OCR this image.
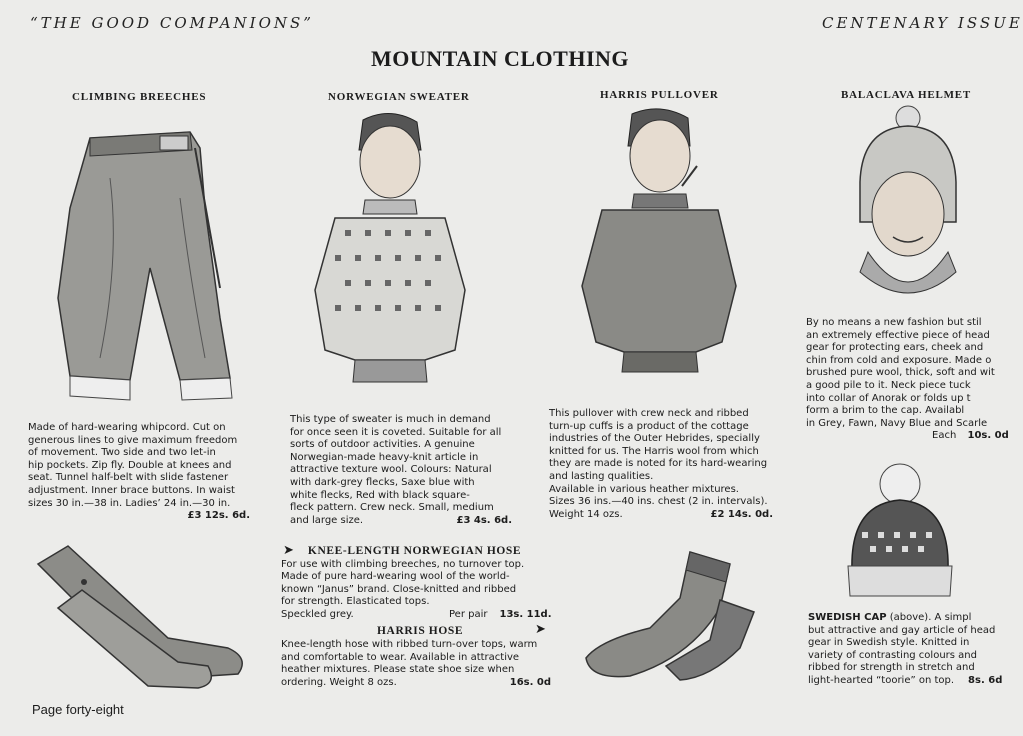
“THE GOOD COMPANIONS”	CENTENARY ISSUE
MOUNTAIN CLOTHING
CLIMBING BREECHES	NORWEGIAN SWEATER	HARRIS PULLOVER	BALACLAVA HELMET
Made of hard-wearing whipcord. Cut on
generous lines to give maximum freedom
of movement. Two side and two let-in
hip pockets. Zip fly. Double at knees and
seat. Tunnel half-belt with slide fastener
adjustment. Inner brace buttons. In waist
sizes 30 in.—38 in. Ladies’ 24 in.—30 in.
£3 12s. 6d.
This type of sweater is much in demand
for once seen it is coveted. Suitable for all
sorts of outdoor activities. A genuine
Norwegian-made heavy-knit article in
attractive texture wool. Colours: Natural
with dark-grey flecks, Saxe blue with
white flecks, Red with black square-
fleck pattern. Crew neck. Small, medium
and large size.	£3 4s. 6d.
This pullover with crew neck and ribbed
turn-up cuffs is a product of the cottage
industries of the Outer Hebrides, specially
knitted for us. The Harris wool from which
they are made is noted for its hard-wearing
and lasting qualities.
Available in various heather mixtures.
Sizes 36 ins.—40 ins. chest (2 in. intervals).
Weight 14 ozs.	£2 14s. 0d.
By no means a new fashion but stil
an extremely effective piece of head
gear for protecting ears, cheek and
chin from cold and exposure. Made o
brushed pure wool, thick, soft and wit
a good pile to it. Neck piece tuck
into collar of Anorak or folds up t
form a brim to the cap. Availabl
in Grey, Fawn, Navy Blue and Scarle
Each 10s. 0d
➤ KNEE-LENGTH NORWEGIAN HOSE
For use with climbing breeches, no turnover top.
Made of pure hard-wearing wool of the world-
known “Janus” brand. Close-knitted and ribbed
for strength. Elasticated tops.
Speckled grey.	Per pair 13s. 11d.
HARRIS HOSE	➤
Knee-length hose with ribbed turn-over tops, warm
and comfortable to wear. Available in attractive
heather mixtures. Please state shoe size when
ordering. Weight 8 ozs.	16s. 0d
SWEDISH CAP (above). A simpl
but attractive and gay article of head
gear in Swedish style. Knitted in
variety of contrasting colours and
ribbed for strength in stretch and
light-hearted “toorie” on top. 8s. 6d
Page forty-eight
